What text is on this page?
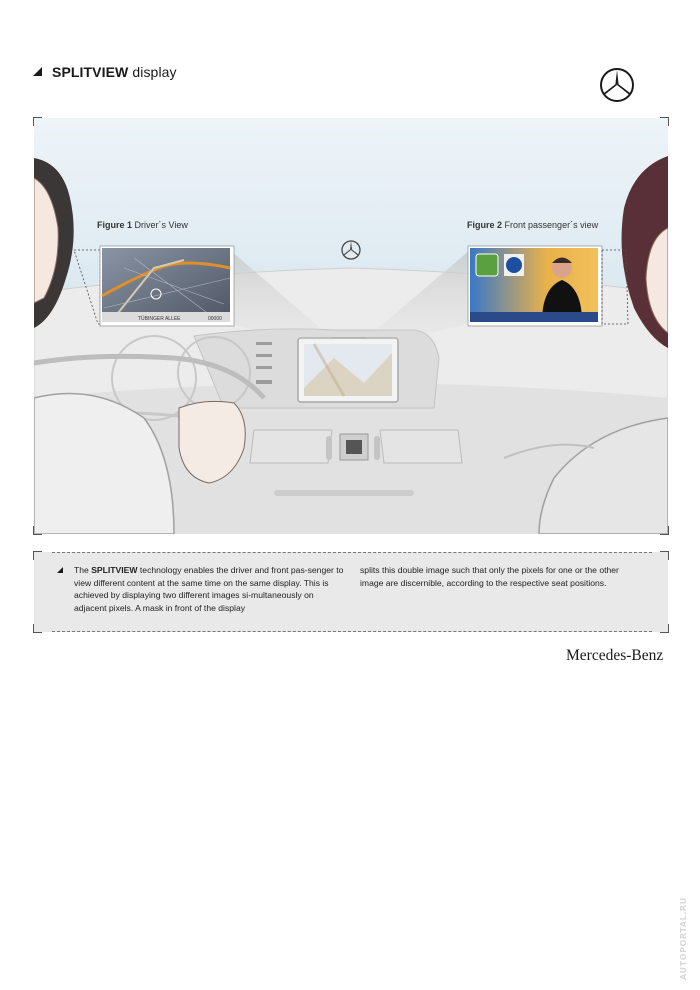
SPLITVIEW display
TÜBINGER ALLEE	00000
Figure 1 Driver´s View	Figure 2 Front passenger´s view
The SPLITVIEW technology enables the driver and front pas-senger to view different content at the same time on the same display. This is achieved by displaying two different images si-multaneously on adjacent pixels. A mask in front of the display
splits this double image such that only the pixels for one or the other image are discernible, according to the respective seat positions.
Mercedes-Benz
AUTOPORTAL.RU
